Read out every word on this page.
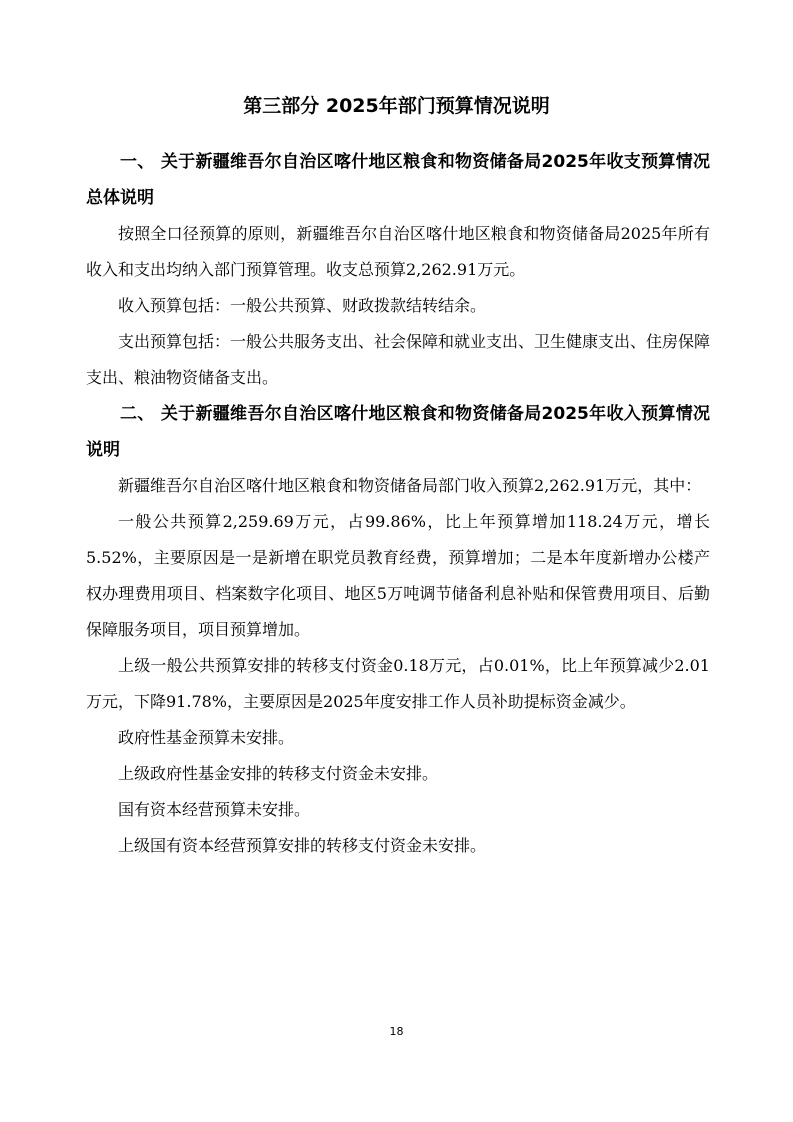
第三部分 2025年部门预算情况说明

一、 关于新疆维吾尔自治区喀什地区粮食和物资储备局2025年收支预算情况总体说明

按照全口径预算的原则，新疆维吾尔自治区喀什地区粮食和物资储备局2025年所有收入和支出均纳入部门预算管理。收支总预算2,262.91万元。

收入预算包括：一般公共预算、财政拨款结转结余。

支出预算包括：一般公共服务支出、社会保障和就业支出、卫生健康支出、住房保障支出、粮油物资储备支出。

二、 关于新疆维吾尔自治区喀什地区粮食和物资储备局2025年收入预算情况说明

新疆维吾尔自治区喀什地区粮食和物资储备局部门收入预算2,262.91万元，其中：

一般公共预算2,259.69万元，占99.86%，比上年预算增加118.24万元，增长5.52%，主要原因是一是新增在职党员教育经费，预算增加；二是本年度新增办公楼产权办理费用项目、档案数字化项目、地区5万吨调节储备利息补贴和保管费用项目、后勤保障服务项目，项目预算增加。

上级一般公共预算安排的转移支付资金0.18万元，占0.01%，比上年预算减少2.01万元，下降91.78%，主要原因是2025年度安排工作人员补助提标资金减少。

政府性基金预算未安排。

上级政府性基金安排的转移支付资金未安排。

国有资本经营预算未安排。

上级国有资本经营预算安排的转移支付资金未安排。

18
